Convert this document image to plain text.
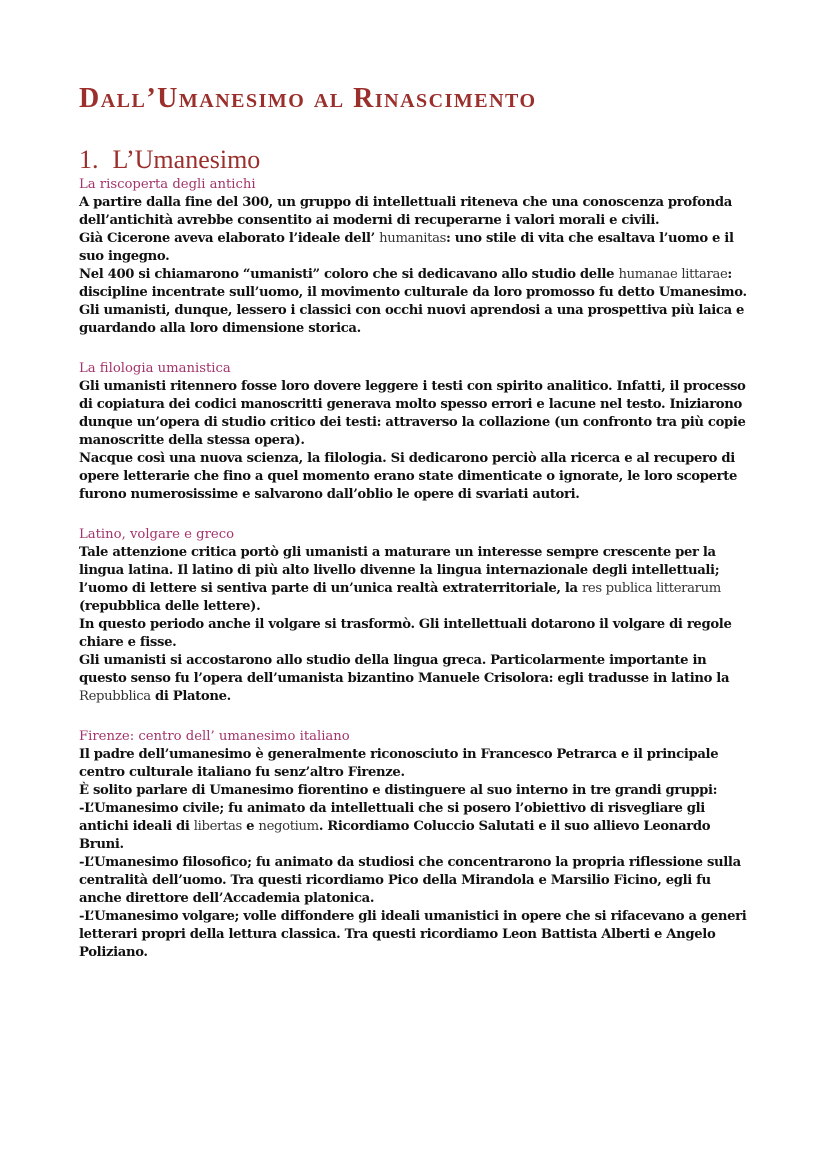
Dall’Umanesimo al Rinascimento
1. L’Umanesimo

La riscoperta degli antichi

A partire dalla fine del 300, un gruppo di intellettuali riteneva che una conoscenza profonda dell’antichità avrebbe consentito ai moderni di recuperarne i valori morali e civili.

Già Cicerone aveva elaborato l’ideale dell’ humanitas: uno stile di vita che esaltava l’uomo e il suo ingegno.

Nel 400 si chiamarono “umanisti” coloro che si dedicavano allo studio delle humanae littarae: discipline incentrate sull’uomo, il movimento culturale da loro promosso fu detto Umanesimo.

Gli umanisti, dunque, lessero i classici con occhi nuovi aprendosi a una prospettiva più laica e guardando alla loro dimensione storica.

La filologia umanistica

Gli umanisti ritennero fosse loro dovere leggere i testi con spirito analitico. Infatti, il processo di copiatura dei codici manoscritti generava molto spesso errori e lacune nel testo. Iniziarono dunque un’opera di studio critico dei testi: attraverso la collazione (un confronto tra più copie manoscritte della stessa opera).

Nacque così una nuova scienza, la filologia. Si dedicarono perciò alla ricerca e al recupero di opere letterarie che fino a quel momento erano state dimenticate o ignorate, le loro scoperte furono numerosissime e salvarono dall’oblio le opere di svariati autori.

Latino, volgare e greco

Tale attenzione critica portò gli umanisti a maturare un interesse sempre crescente per la lingua latina. Il latino di più alto livello divenne la lingua internazionale degli intellettuali; l’uomo di lettere si sentiva parte di un’unica realtà extraterritoriale, la res publica litterarum (repubblica delle lettere).

In questo periodo anche il volgare si trasformò. Gli intellettuali dotarono il volgare di regole chiare e fisse.

Gli umanisti si accostarono allo studio della lingua greca. Particolarmente importante in questo senso fu l’opera dell’umanista bizantino Manuele Crisolora: egli tradusse in latino la Repubblica di Platone.

Firenze: centro dell’ umanesimo italiano

Il padre dell’umanesimo è generalmente riconosciuto in Francesco Petrarca e il principale centro culturale italiano fu senz’altro Firenze.

È solito parlare di Umanesimo fiorentino e distinguere al suo interno in tre grandi gruppi:

-L’Umanesimo civile; fu animato da intellettuali che si posero l’obiettivo di risvegliare gli antichi ideali di libertas e negotium. Ricordiamo Coluccio Salutati e il suo allievo Leonardo Bruni.

-L’Umanesimo filosofico; fu animato da studiosi che concentrarono la propria riflessione sulla centralità dell’uomo. Tra questi ricordiamo Pico della Mirandola e Marsilio Ficino, egli fu anche direttore dell’Accademia platonica.

-L’Umanesimo volgare; volle diffondere gli ideali umanistici in opere che si rifacevano a generi letterari propri della lettura classica. Tra questi ricordiamo Leon Battista Alberti e Angelo Poliziano.
